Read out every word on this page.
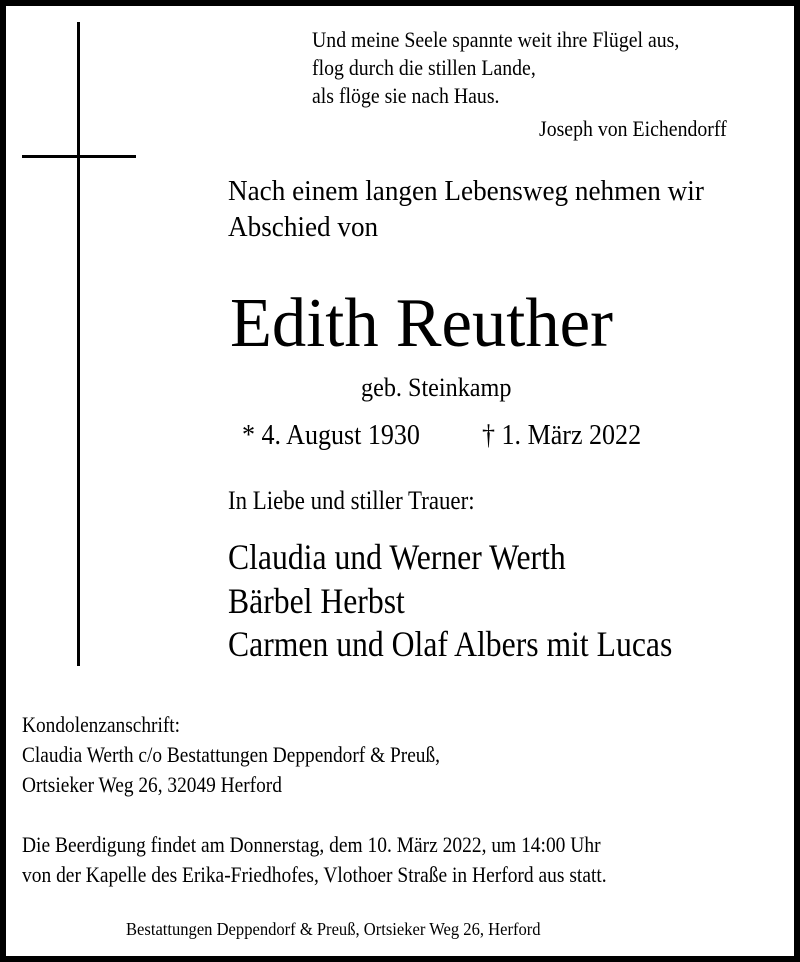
Und meine Seele spannte weit ihre Flügel aus,
flog durch die stillen Lande,
als flöge sie nach Haus.
Joseph von Eichendorff
Nach einem langen Lebensweg nehmen wir
Abschied von
Edith Reuther
geb. Steinkamp
* 4. August 1930	† 1. März 2022
In Liebe und stiller Trauer:
Claudia und Werner Werth
Bärbel Herbst
Carmen und Olaf Albers mit Lucas
Kondolenzanschrift:
Claudia Werth c/o Bestattungen Deppendorf & Preuß,
Ortsieker Weg 26, 32049 Herford
Die Beerdigung findet am Donnerstag, dem 10. März 2022, um 14:00 Uhr
von der Kapelle des Erika-Friedhofes, Vlothoer Straße in Herford aus statt.
Bestattungen Deppendorf & Preuß, Ortsieker Weg 26, Herford
